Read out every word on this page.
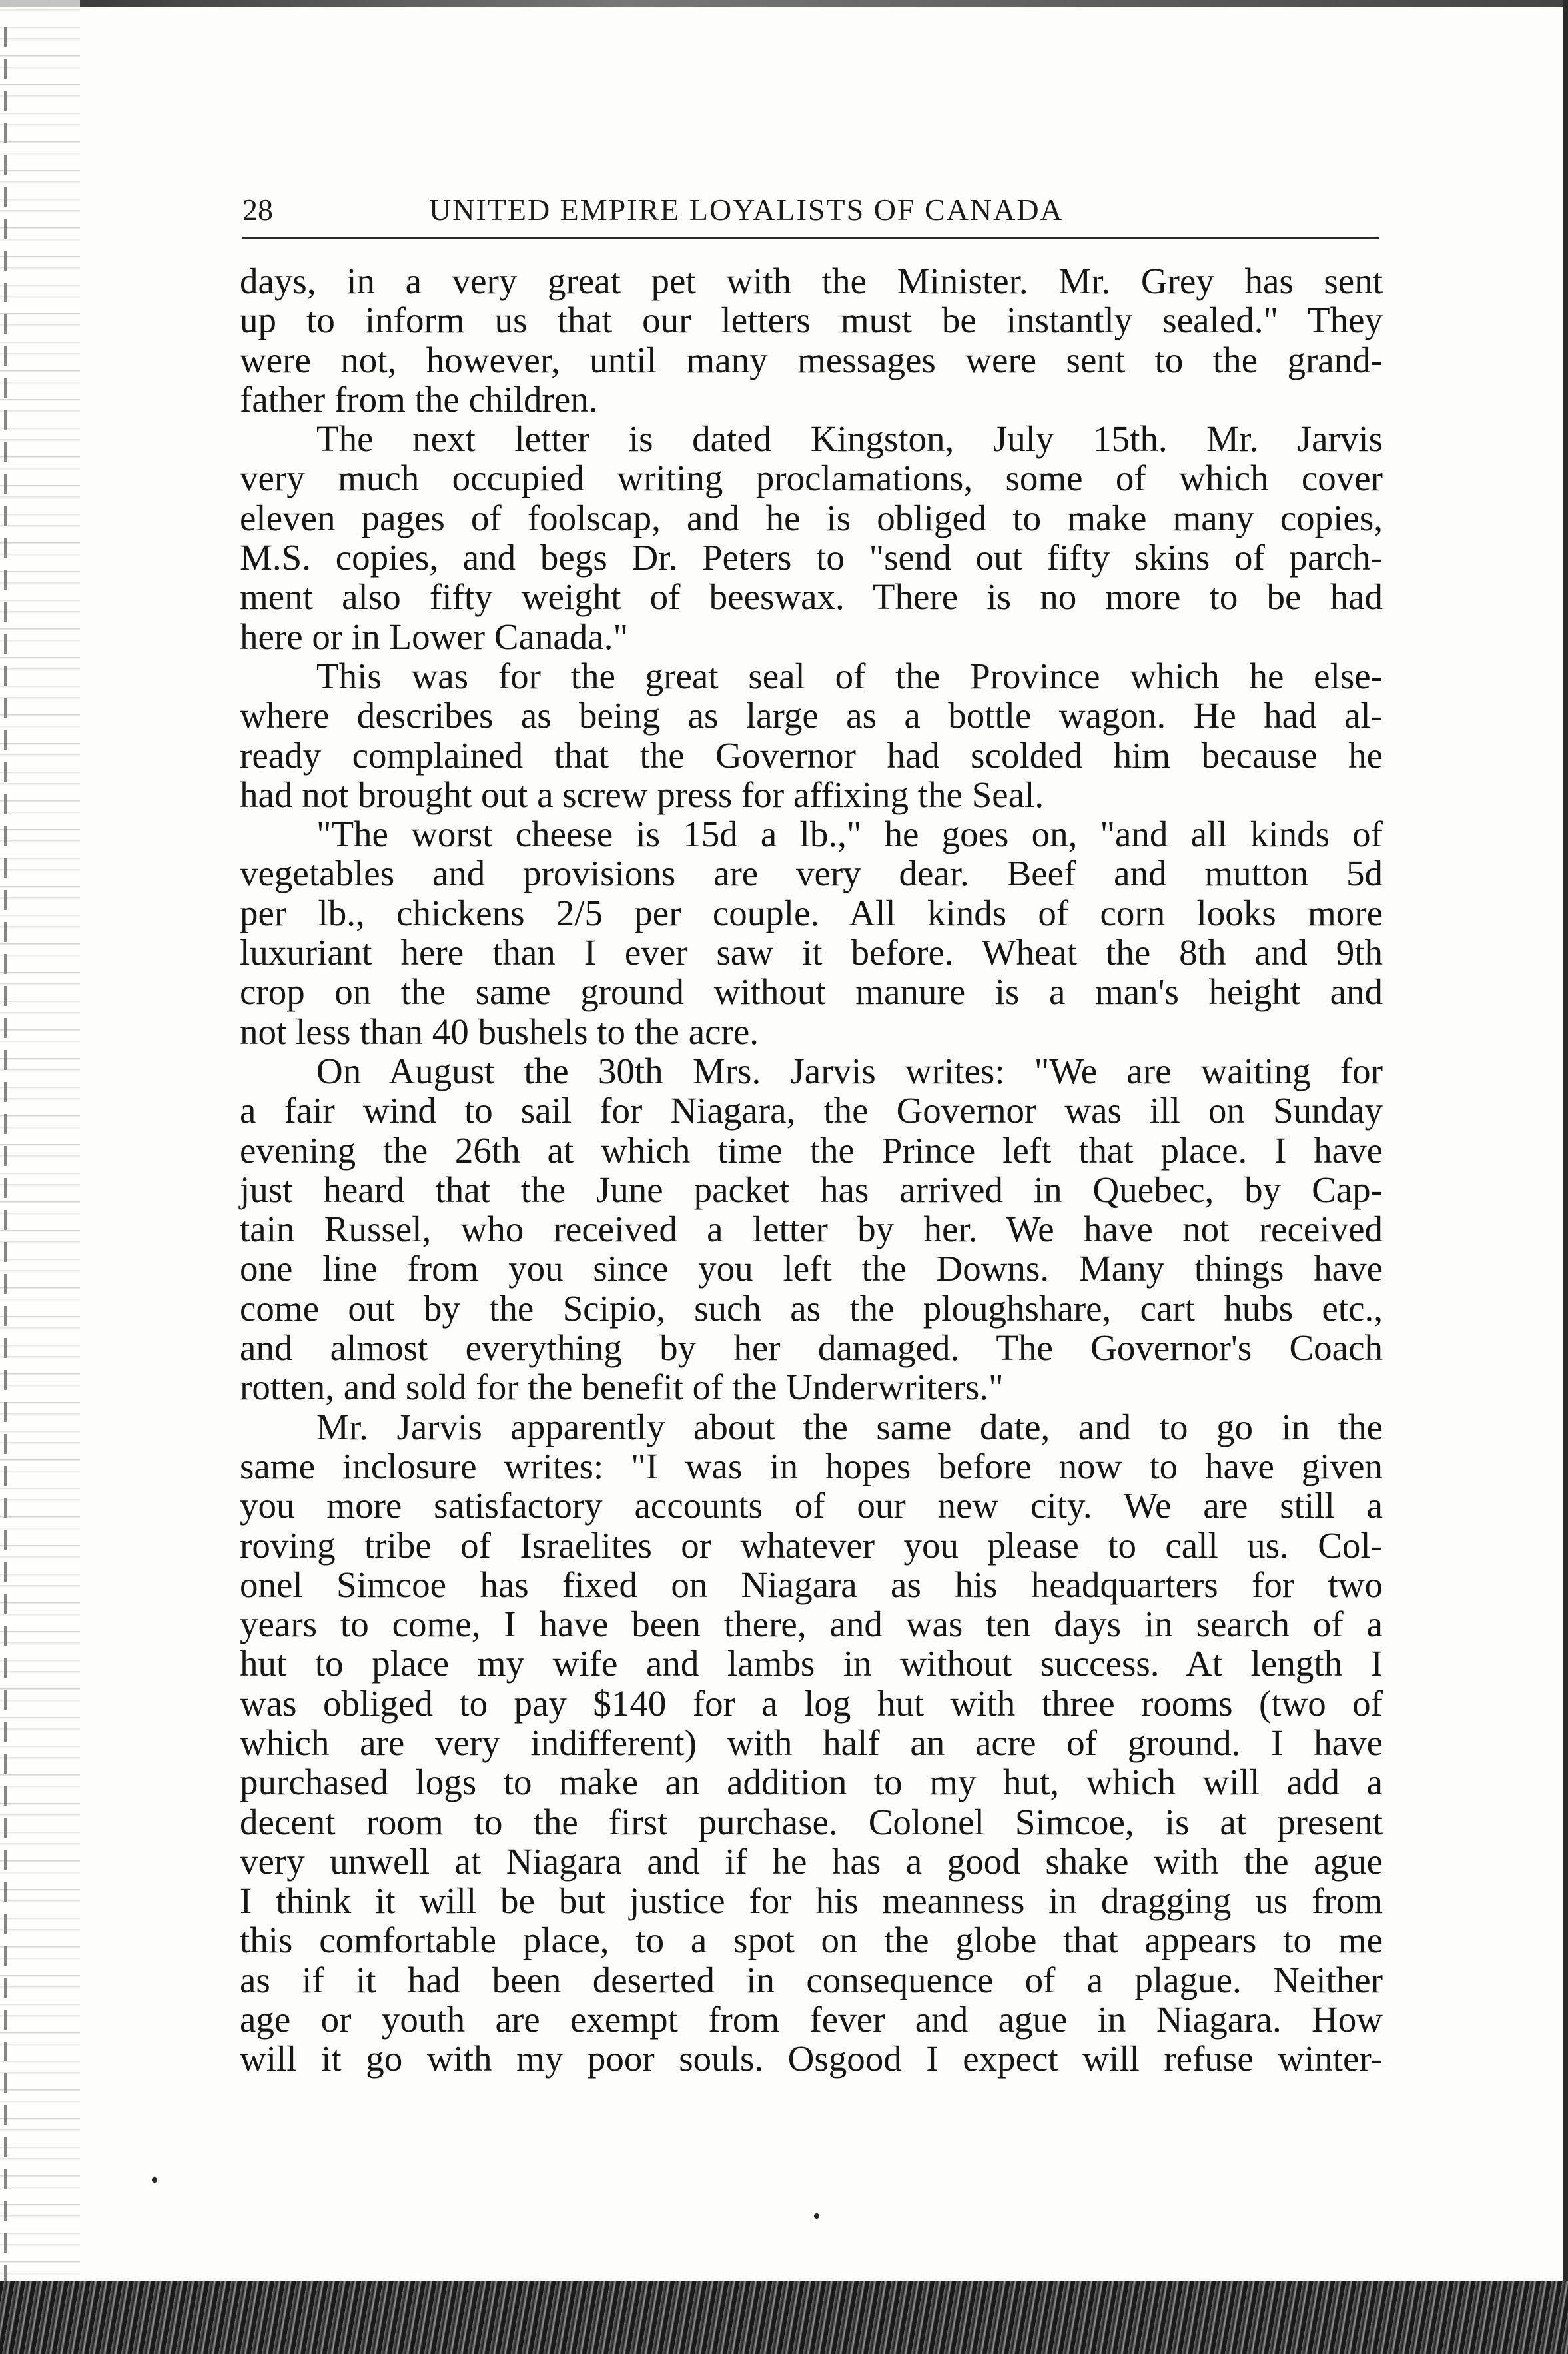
28	UNITED EMPIRE LOYALISTS OF CANADA

days, in a very great pet with the Minister. Mr. Grey has sent

up to inform us that our letters must be instantly sealed." They

were not, however, until many messages were sent to the grand-

father from the children.

The next letter is dated Kingston, July 15th. Mr. Jarvis

very much occupied writing proclamations, some of which cover

eleven pages of foolscap, and he is obliged to make many copies,

M.S. copies, and begs Dr. Peters to "send out fifty skins of parch-

ment also fifty weight of beeswax. There is no more to be had

here or in Lower Canada."

This was for the great seal of the Province which he else-

where describes as being as large as a bottle wagon. He had al-

ready complained that the Governor had scolded him because he

had not brought out a screw press for affixing the Seal.

"The worst cheese is 15d a lb.," he goes on, "and all kinds of

vegetables and provisions are very dear. Beef and mutton 5d

per lb., chickens 2/5 per couple. All kinds of corn looks more

luxuriant here than I ever saw it before. Wheat the 8th and 9th

crop on the same ground without manure is a man's height and

not less than 40 bushels to the acre.

On August the 30th Mrs. Jarvis writes: "We are waiting for

a fair wind to sail for Niagara, the Governor was ill on Sunday

evening the 26th at which time the Prince left that place. I have

just heard that the June packet has arrived in Quebec, by Cap-

tain Russel, who received a letter by her. We have not received

one line from you since you left the Downs. Many things have

come out by the Scipio, such as the ploughshare, cart hubs etc.,

and almost everything by her damaged. The Governor's Coach

rotten, and sold for the benefit of the Underwriters."

Mr. Jarvis apparently about the same date, and to go in the

same inclosure writes: "I was in hopes before now to have given

you more satisfactory accounts of our new city. We are still a

roving tribe of Israelites or whatever you please to call us. Col-

onel Simcoe has fixed on Niagara as his headquarters for two

years to come, I have been there, and was ten days in search of a

hut to place my wife and lambs in without success. At length I

was obliged to pay $140 for a log hut with three rooms (two of

which are very indifferent) with half an acre of ground. I have

purchased logs to make an addition to my hut, which will add a

decent room to the first purchase. Colonel Simcoe, is at present

very unwell at Niagara and if he has a good shake with the ague

I think it will be but justice for his meanness in dragging us from

this comfortable place, to a spot on the globe that appears to me

as if it had been deserted in consequence of a plague. Neither

age or youth are exempt from fever and ague in Niagara. How

will it go with my poor souls. Osgood I expect will refuse winter-
